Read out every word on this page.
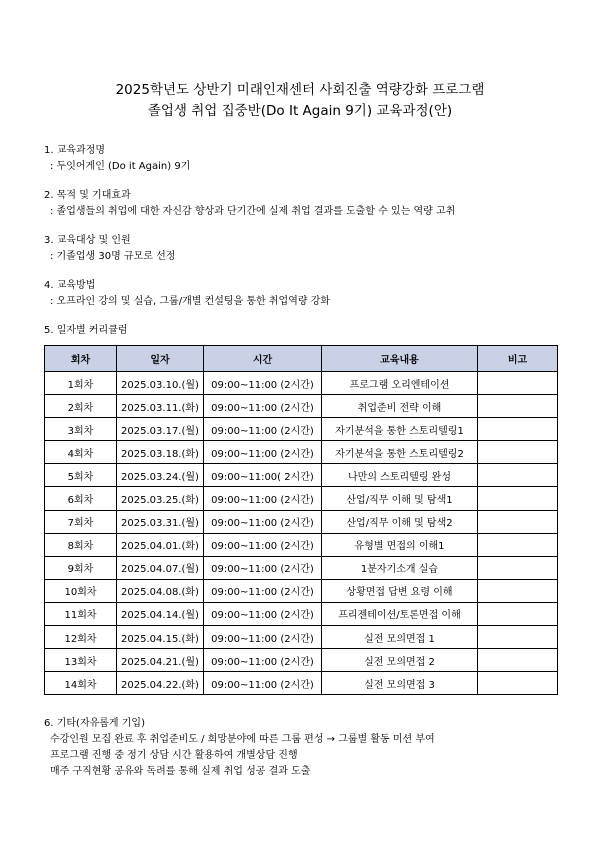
2025학년도 상반기 미래인재센터 사회진출 역량강화 프로그램
졸업생 취업 집중반(Do It Again 9기) 교육과정(안)
1. 교육과정명
: 두잇어게인 (Do it Again) 9기
2. 목적 및 기대효과
: 졸업생들의 취업에 대한 자신감 향상과 단기간에 실제 취업 결과를 도출할 수 있는 역량 고취
3. 교육대상 및 인원
: 기졸업생 30명 규모로 선정
4. 교육방법
: 오프라인 강의 및 실습, 그룹/개별 컨설팅을 통한 취업역량 강화
5. 일자별 커리큘럼
회차	일자	시간	교육내용	비고
1회차	2025.03.10.(월)	09:00~11:00 (2시간)	프로그램 오리엔테이션	
2회차	2025.03.11.(화)	09:00~11:00 (2시간)	취업준비 전략 이해	
3회차	2025.03.17.(월)	09:00~11:00 (2시간)	자기분석을 통한 스토리텔링1	
4회차	2025.03.18.(화)	09:00~11:00 (2시간)	자기분석을 통한 스토리텔링2	
5회차	2025.03.24.(월)	09:00~11:00( 2시간)	나만의 스토리텔링 완성	
6회차	2025.03.25.(화)	09:00~11:00 (2시간)	산업/직무 이해 및 탐색1	
7회차	2025.03.31.(월)	09:00~11:00 (2시간)	산업/직무 이해 및 탐색2	
8회차	2025.04.01.(화)	09:00~11:00 (2시간)	유형별 면접의 이해1	
9회차	2025.04.07.(월)	09:00~11:00 (2시간)	1분자기소개 실습	
10회차	2025.04.08.(화)	09:00~11:00 (2시간)	상황면접 답변 요령 이해	
11회차	2025.04.14.(월)	09:00~11:00 (2시간)	프리젠테이션/토론면접 이해	
12회차	2025.04.15.(화)	09:00~11:00 (2시간)	실전 모의면접 1	
13회차	2025.04.21.(월)	09:00~11:00 (2시간)	실전 모의면접 2	
14회차	2025.04.22.(화)	09:00~11:00 (2시간)	실전 모의면접 3	
6. 기타(자유롭게 기입)
수강인원 모집 완료 후 취업준비도 / 희망분야에 따른 그룹 편성 → 그룹별 활동 미션 부여
프로그램 진행 중 정기 상담 시간 활용하여 개별상담 진행
매주 구직현황 공유와 독려를 통해 실제 취업 성공 결과 도출
